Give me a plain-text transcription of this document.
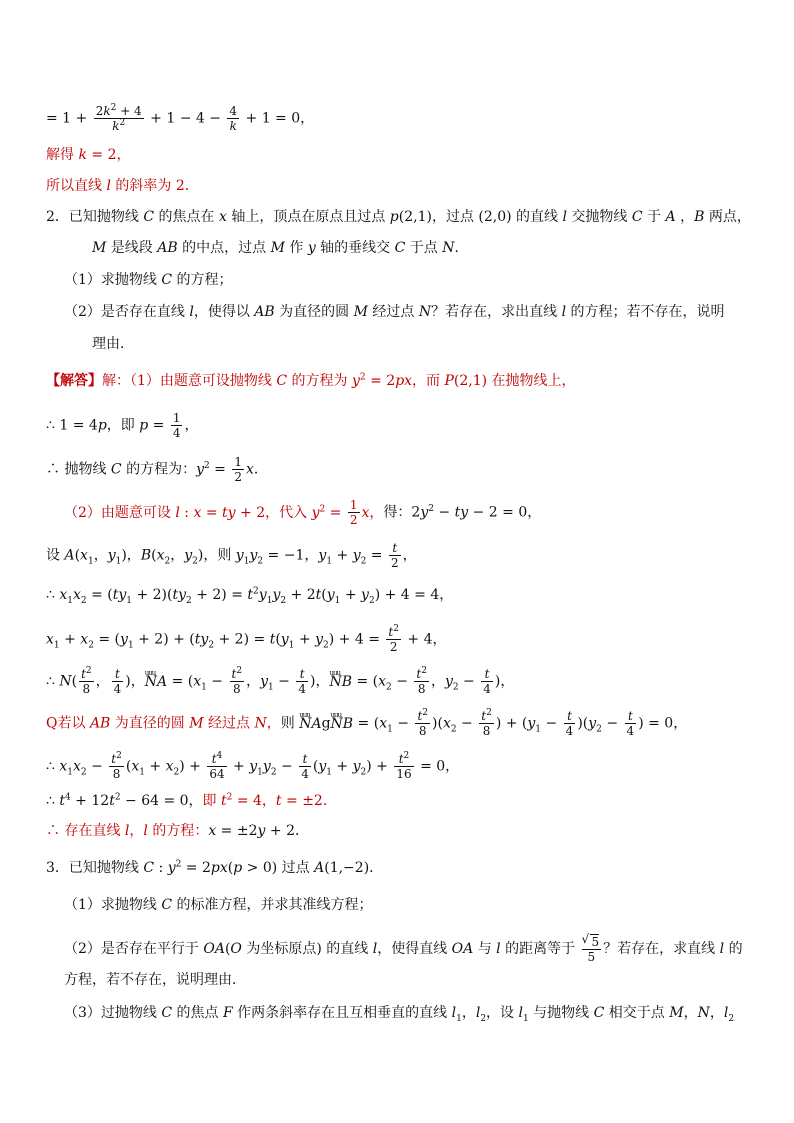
= $1 + \frac{2k^2 + 4}{k^2} + 1 - 4 - \frac{4}{k} + 1 = 0$，
解得 k = 2，
所以直线 l 的斜率为 2．
2．已知抛物线 C 的焦点在 x 轴上，顶点在原点且过点 p(2,1)，过点 (2,0) 的直线 l 交抛物线 C 于 A ，B 两点，
M 是线段 AB 的中点，过点 M 作 y 轴的垂线交 C 于点 N．
（1）求抛物线 C 的方程；
（2）是否存在直线 l，使得以 AB 为直径的圆 M 经过点 N？若存在，求出直线 l 的方程；若不存在，说明
理由．
【解答】解：（1）由题意可设抛物线 C 的方程为 $y^2 = 2px$，而 P(2,1) 在抛物线上，
∴ 1 = 4p，即 $p = \frac{1}{4}$ ，
∴ 抛物线 C 的方程为：$y^2 = \frac{1}{2}$ x．
（2）由题意可设 l : x = ty + 2，代入 $y^2 = \frac{1}{2}$ x，得：$2y^2$ − ty − 2 = 0，
设 $A(x_1$，$y_1$)，$B(x_2$，$y_2$)，则 $y_1y_2 = -1$，$y_1 + y_2 = \frac{t}{2}$ ，
∴ $x_1x_2 = (ty_1 + 2)(ty_2 + 2) = t^2y_1y_2 + 2t(y_1 + y_2) + 4 = 4$，
$x_1 + x_2 = (y_1 + 2) + (ty_2 + 2) = t(y_1 + y_2) + 4 = \frac{t^2}{2} + 4$，
∴ $N( \frac{t^2}{8}$ ， $\frac{t}{4}$ )，uuu NA = ($x_1 - \frac{t^2}{8}$ ，$y_1 - \frac{t}{4}$ )，uuu NB = ($x_2 - \frac{t^2}{8}$ ，$y_2 - \frac{t}{4}$ )，
Q若以 AB 为直径的圆 M 经过点 N，则 uuu NAguuu NB = $(x_1 - \frac{t^2}{8} )(x_2 - \frac{t^2}{8}$ ) + $(y_1 - \frac{t}{4} )(y_2 - \frac{t}{4}$ ) = 0，
∴ $x_1x_2 - \frac{t^2}{8} (x_1 + x_2) + \frac{t^4}{64} + y_1y_2 - \frac{t}{4} (y_1 + y_2) + \frac{t^2}{16} = 0$，
∴ $t^4 + 12t^2 - 64 = 0$，即 $t^2 = 4$，t = ±2．
∴ 存在直线 l，l 的方程：x = ±2y + 2．
3．已知抛物线 C : $y^2 = 2px(p > 0)$ 过点 A(1,−2)．
（1）求抛物线 C 的标准方程，并求其准线方程；
（2）是否存在平行于 OA(O 为坐标原点) 的直线 l，使得直线 OA 与 l 的距离等于
√ $\frac{5}{5}$ ？若存在，求直线 l 的
方程，若不存在，说明理由．
（3）过抛物线 C 的焦点 F 作两条斜率存在且互相垂直的直线 $l_1$，$l_2$，设 $l_1$ 与抛物线 C 相交于点 M，N，$l_2$
